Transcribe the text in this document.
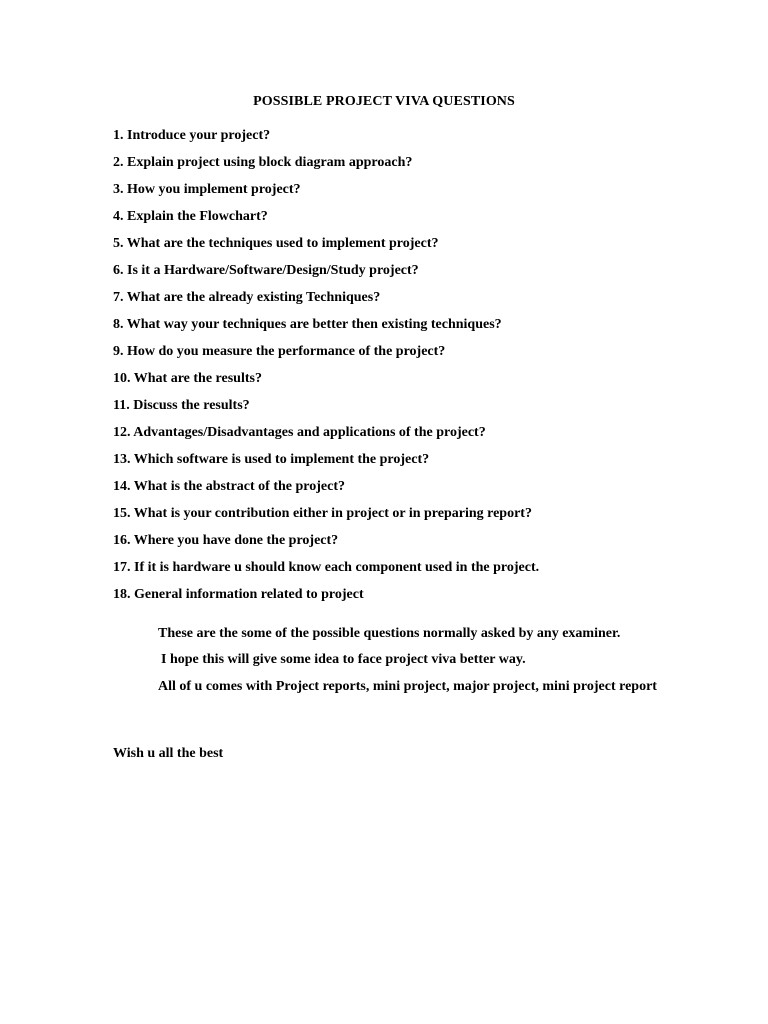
POSSIBLE PROJECT VIVA QUESTIONS
1. Introduce your project?
2. Explain project using block diagram approach?
3. How you implement project?
4. Explain the Flowchart?
5. What are the techniques used to implement project?
6. Is it a Hardware/Software/Design/Study project?
7. What are the already existing Techniques?
8. What way your techniques are better then existing techniques?
9. How do you measure the performance of the project?
10. What are the results?
11. Discuss the results?
12. Advantages/Disadvantages and applications of the project?
13. Which software is used to implement the project?
14. What is the abstract of the project?
15. What is your contribution either in project or in preparing report?
16. Where you have done the project?
17. If it is hardware u should know each component used in the project.
18. General information related to project

These are the some of the possible questions normally asked by any examiner.

I hope this will give some idea to face project viva better way.

All of u comes with Project reports, mini project, major project, mini project report

Wish u all the best
